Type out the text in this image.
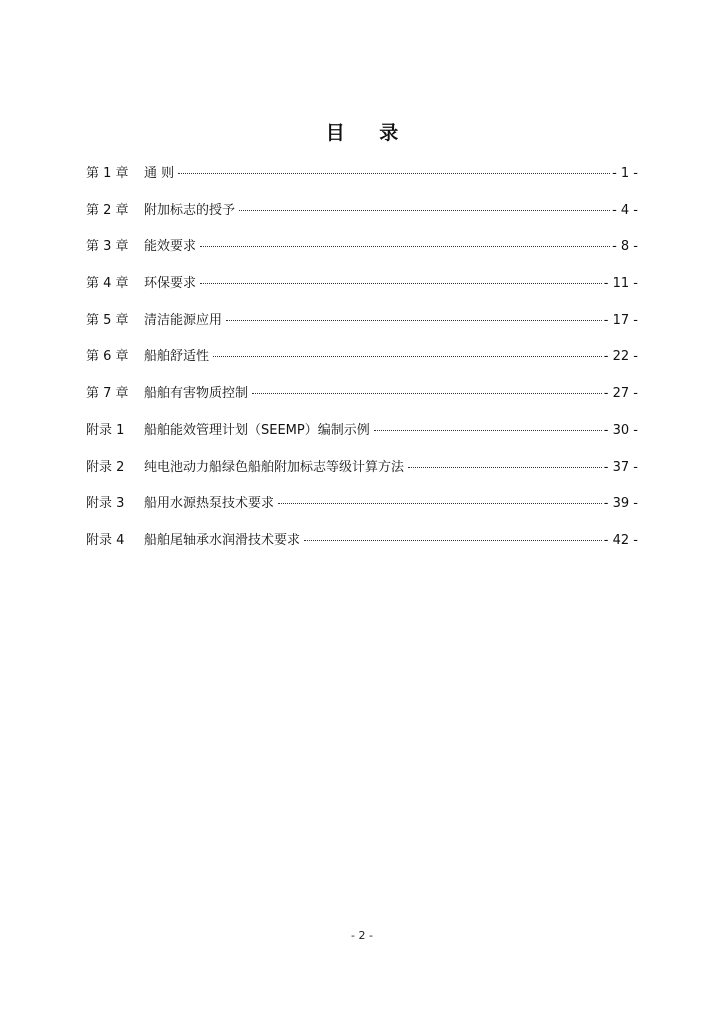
目 录
第 1 章	通 则	- 1 -
第 2 章	附加标志的授予	- 4 -
第 3 章	能效要求	- 8 -
第 4 章	环保要求	- 11 -
第 5 章	清洁能源应用	- 17 -
第 6 章	船舶舒适性	- 22 -
第 7 章	船舶有害物质控制	- 27 -
附录 1	船舶能效管理计划（SEEMP）编制示例	- 30 -
附录 2	纯电池动力船绿色船舶附加标志等级计算方法	- 37 -
附录 3	船用水源热泵技术要求	- 39 -
附录 4	船舶尾轴承水润滑技术要求	- 42 -
- 2 -
